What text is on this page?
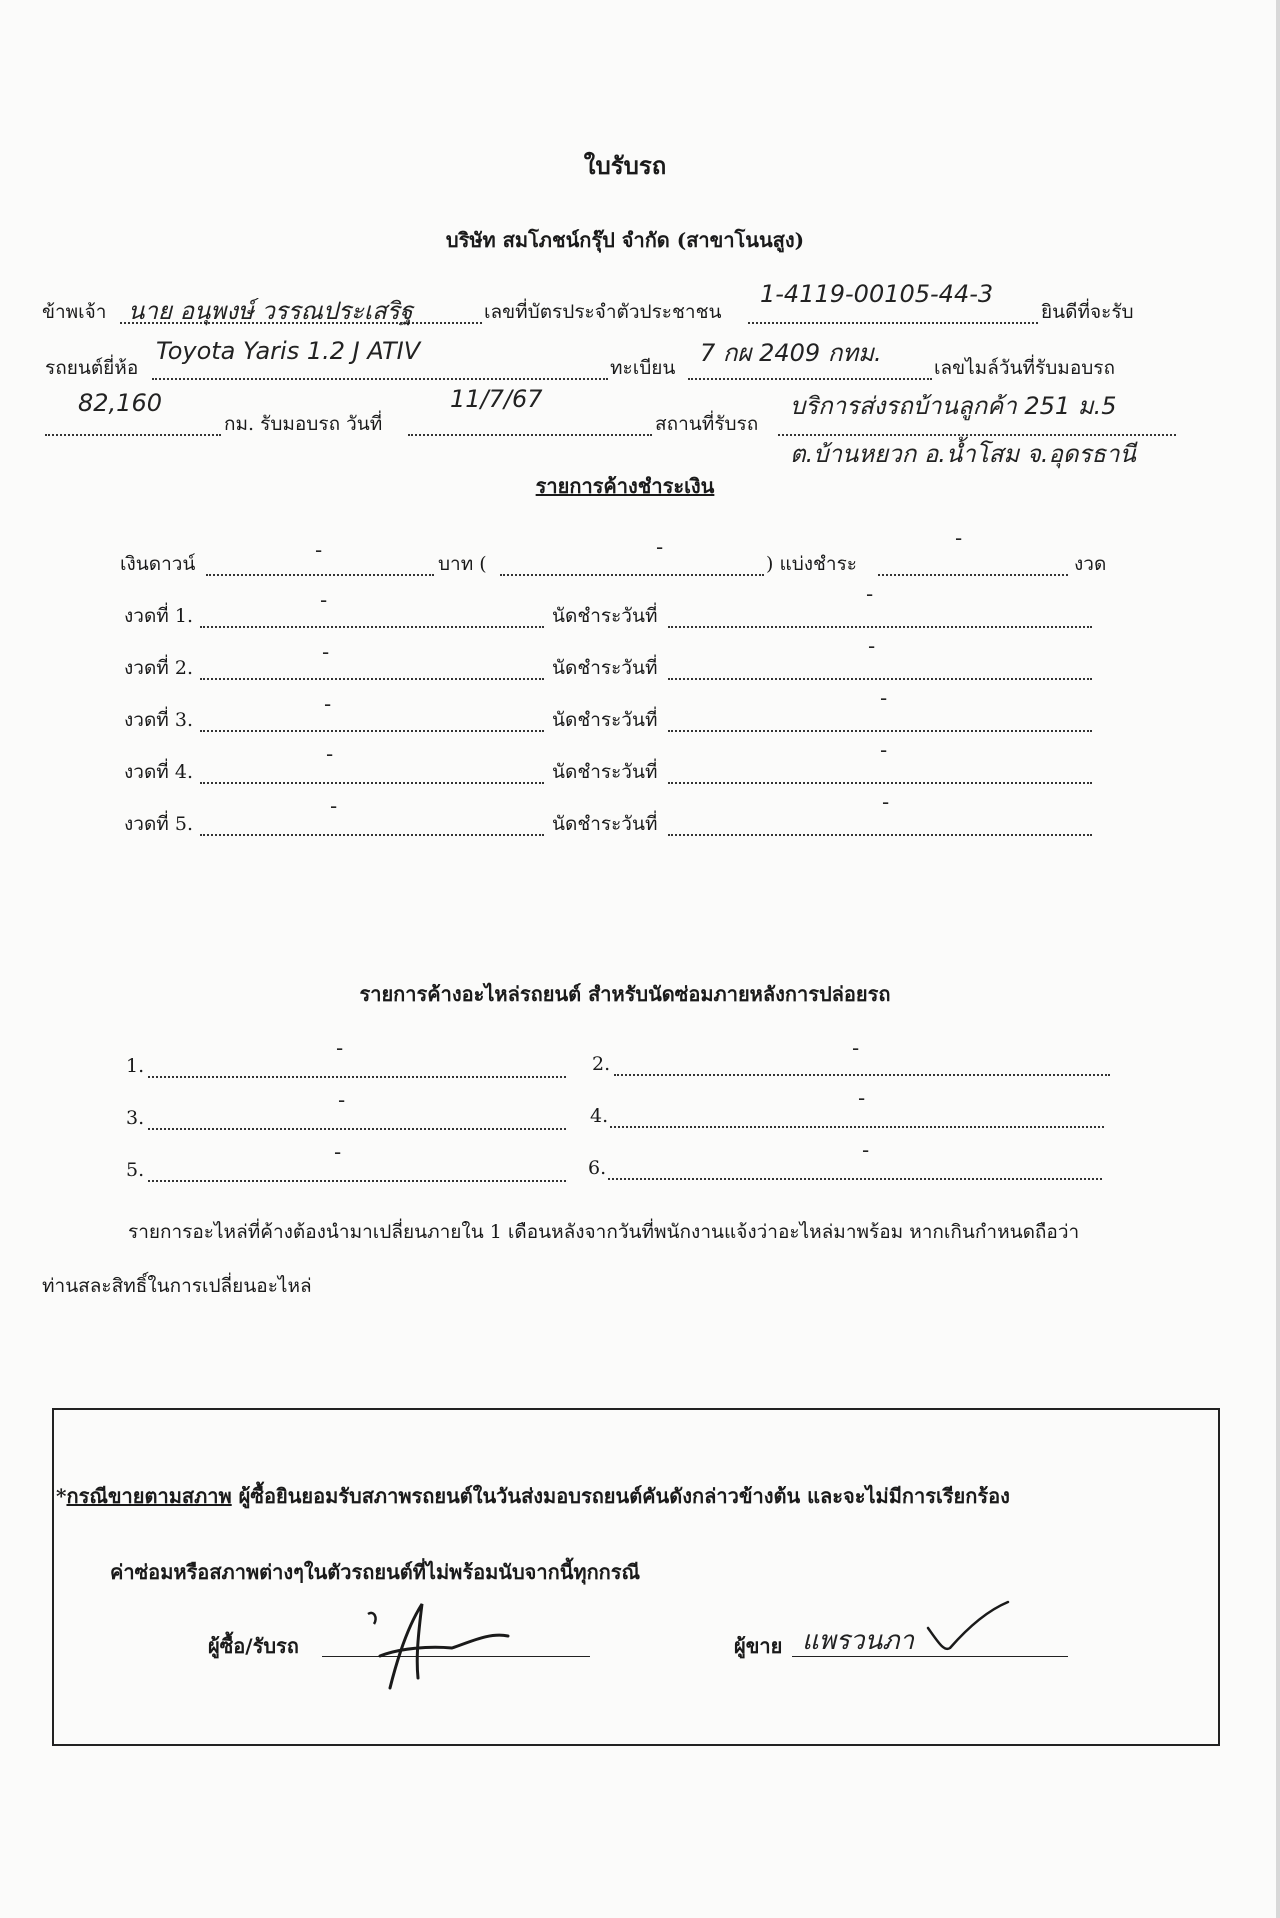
ใบรับรถ
บริษัท สมโภชน์กรุ๊ป จำกัด (สาขาโนนสูง)
ข้าพเจ้า นาย อนุพงษ์ วรรณประเสริฐ	เลขที่บัตรประจำตัวประชาชน
1-4119-00105-44-3
ยินดีที่จะรับ
รถยนต์ยี่ห้อ
Toyota Yaris 1.2 J ATIV
ทะเบียน
7 กผ 2409 กทม.
เลขไมล์วันที่รับมอบรถ
82,160
กม. รับมอบรถ วันที่
11/7/67
สถานที่รับรถ
บริการส่งรถบ้านลูกค้า 251 ม.5
ต.บ้านหยวก อ.น้ำโสม จ.อุดรธานี
รายการค้างชำระเงิน
เงินดาวน์
-
บาท (
-
) แบ่งชำระ
-
งวด
งวดที่ 1.
-
นัดชำระวันที่
-
งวดที่ 2.
-
นัดชำระวันที่
-
งวดที่ 3.
-
นัดชำระวันที่
-
งวดที่ 4.
-
นัดชำระวันที่
-
งวดที่ 5.
-
นัดชำระวันที่
-
รายการค้างอะไหล่รถยนต์ สำหรับนัดซ่อมภายหลังการปล่อยรถ
1.
-
2.
-
3.
-
4.
-
5.
-
6.
-
รายการอะไหล่ที่ค้างต้องนำมาเปลี่ยนภายใน 1 เดือนหลังจากวันที่พนักงานแจ้งว่าอะไหล่มาพร้อม หากเกินกำหนดถือว่า
ท่านสละสิทธิ์ในการเปลี่ยนอะไหล่
*กรณีขายตามสภาพ ผู้ซื้อยินยอมรับสภาพรถยนต์ในวันส่งมอบรถยนต์คันดังกล่าวข้างต้น และจะไม่มีการเรียกร้อง
ค่าซ่อมหรือสภาพต่างๆในตัวรถยนต์ที่ไม่พร้อมนับจากนี้ทุกกรณี
ผู้ซื้อ/รับรถ	ผู้ขาย แพรวนภา
